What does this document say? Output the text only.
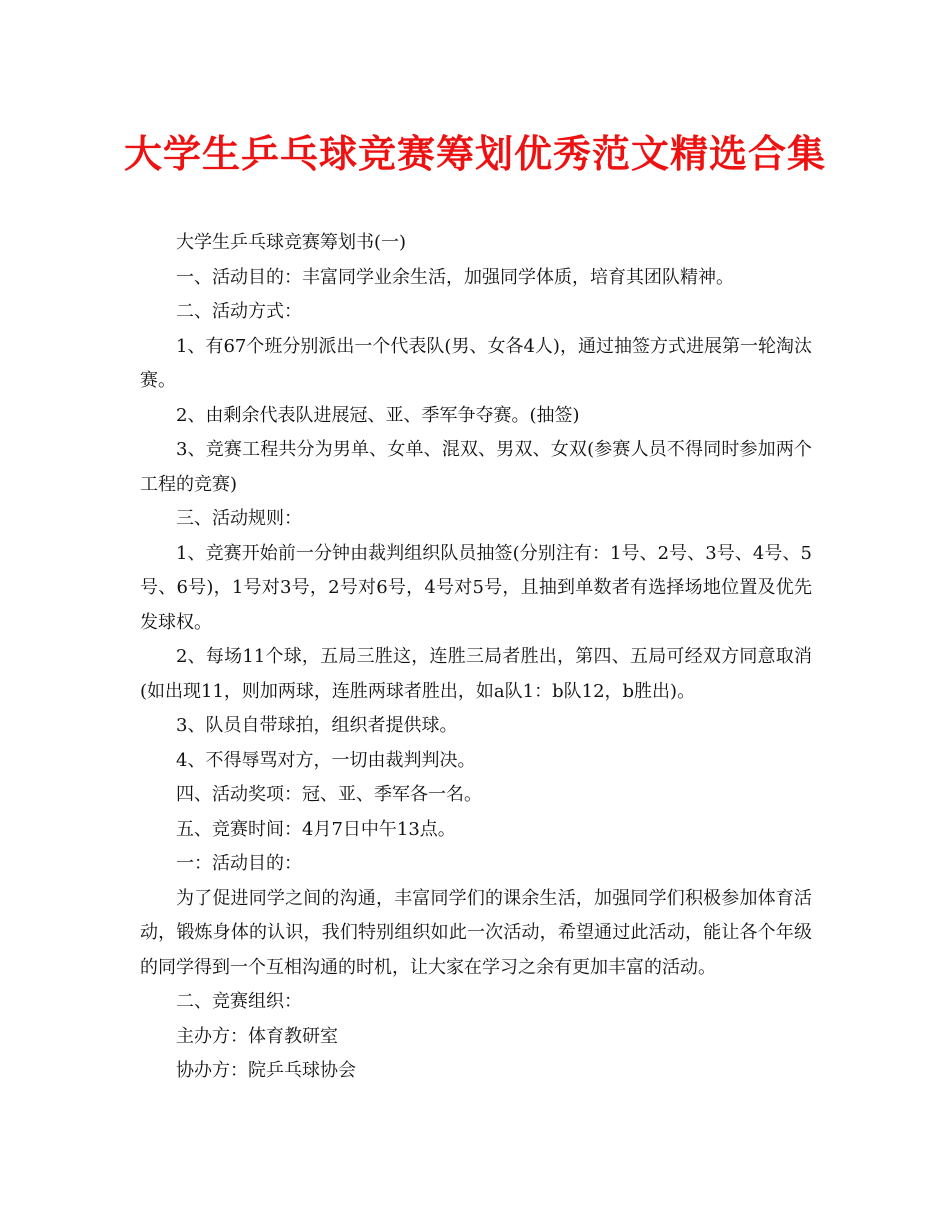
大学生乒乓球竞赛筹划优秀范文精选合集

大学生乒乓球竞赛筹划书(一)

一、活动目的：丰富同学业余生活，加强同学体质，培育其团队精神。

二、活动方式：

1、有67个班分别派出一个代表队(男、女各4人)，通过抽签方式进展第一轮淘汰赛。

2、由剩余代表队进展冠、亚、季军争夺赛。(抽签)

3、竞赛工程共分为男单、女单、混双、男双、女双(参赛人员不得同时参加两个工程的竞赛)

三、活动规则：

1、竞赛开始前一分钟由裁判组织队员抽签(分别注有：1号、2号、3号、4号、5号、6号)，1号对3号，2号对6号，4号对5号，且抽到单数者有选择场地位置及优先发球权。

2、每场11个球，五局三胜这，连胜三局者胜出，第四、五局可经双方同意取消(如出现11，则加两球，连胜两球者胜出，如a队1：b队12，b胜出)。

3、队员自带球拍，组织者提供球。

4、不得辱骂对方，一切由裁判判决。

四、活动奖项：冠、亚、季军各一名。

五、竞赛时间：4月7日中午13点。

一：活动目的：

为了促进同学之间的沟通，丰富同学们的课余生活，加强同学们积极参加体育活动，锻炼身体的认识，我们特别组织如此一次活动，希望通过此活动，能让各个年级的同学得到一个互相沟通的时机，让大家在学习之余有更加丰富的活动。

二、竞赛组织：

主办方：体育教研室

协办方：院乒乓球协会
